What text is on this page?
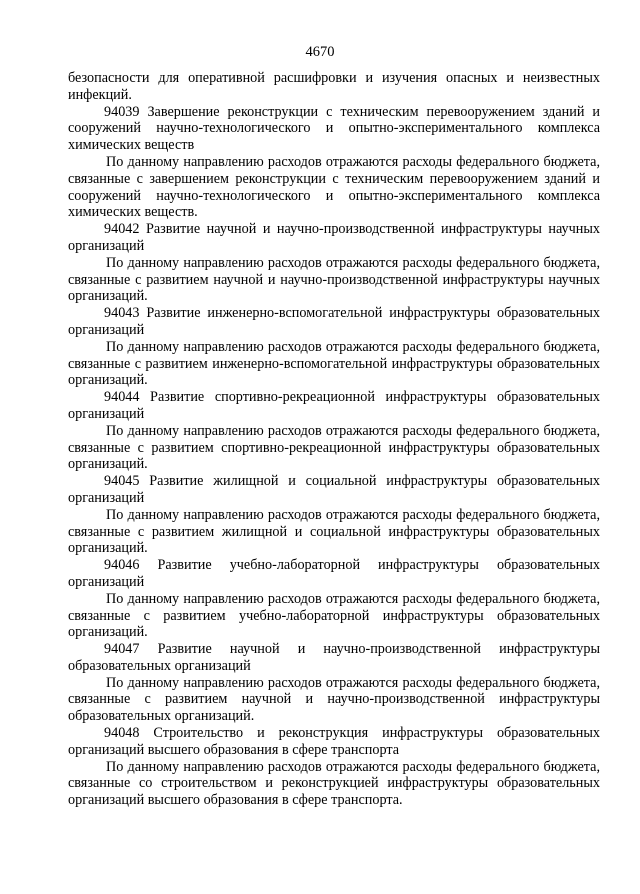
4670

безопасности для оперативной расшифровки и изучения опасных и неизвестных инфекций.

94039 Завершение реконструкции с техническим перевооружением зданий и сооружений научно-технологического и опытно-экспериментального комплекса химических веществ

По данному направлению расходов отражаются расходы федерального бюджета, связанные с завершением реконструкции с техническим перевооружением зданий и сооружений научно-технологического и опытно-экспериментального комплекса химических веществ.

94042 Развитие научной и научно-производственной инфраструктуры научных организаций

По данному направлению расходов отражаются расходы федерального бюджета, связанные с развитием научной и научно-производственной инфраструктуры научных организаций.

94043 Развитие инженерно-вспомогательной инфраструктуры образовательных организаций

По данному направлению расходов отражаются расходы федерального бюджета, связанные с развитием инженерно-вспомогательной инфраструктуры образовательных организаций.

94044 Развитие спортивно-рекреационной инфраструктуры образовательных организаций

По данному направлению расходов отражаются расходы федерального бюджета, связанные с развитием спортивно-рекреационной инфраструктуры образовательных организаций.

94045 Развитие жилищной и социальной инфраструктуры образовательных организаций

По данному направлению расходов отражаются расходы федерального бюджета, связанные с развитием жилищной и социальной инфраструктуры образовательных организаций.

94046 Развитие учебно-лабораторной инфраструктуры образовательных организаций

По данному направлению расходов отражаются расходы федерального бюджета, связанные с развитием учебно-лабораторной инфраструктуры образовательных организаций.

94047 Развитие научной и научно-производственной инфраструктуры образовательных организаций

По данному направлению расходов отражаются расходы федерального бюджета, связанные с развитием научной и научно-производственной инфраструктуры образовательных организаций.

94048 Строительство и реконструкция инфраструктуры образовательных организаций высшего образования в сфере транспорта

По данному направлению расходов отражаются расходы федерального бюджета, связанные со строительством и реконструкцией инфраструктуры образовательных организаций высшего образования в сфере транспорта.
